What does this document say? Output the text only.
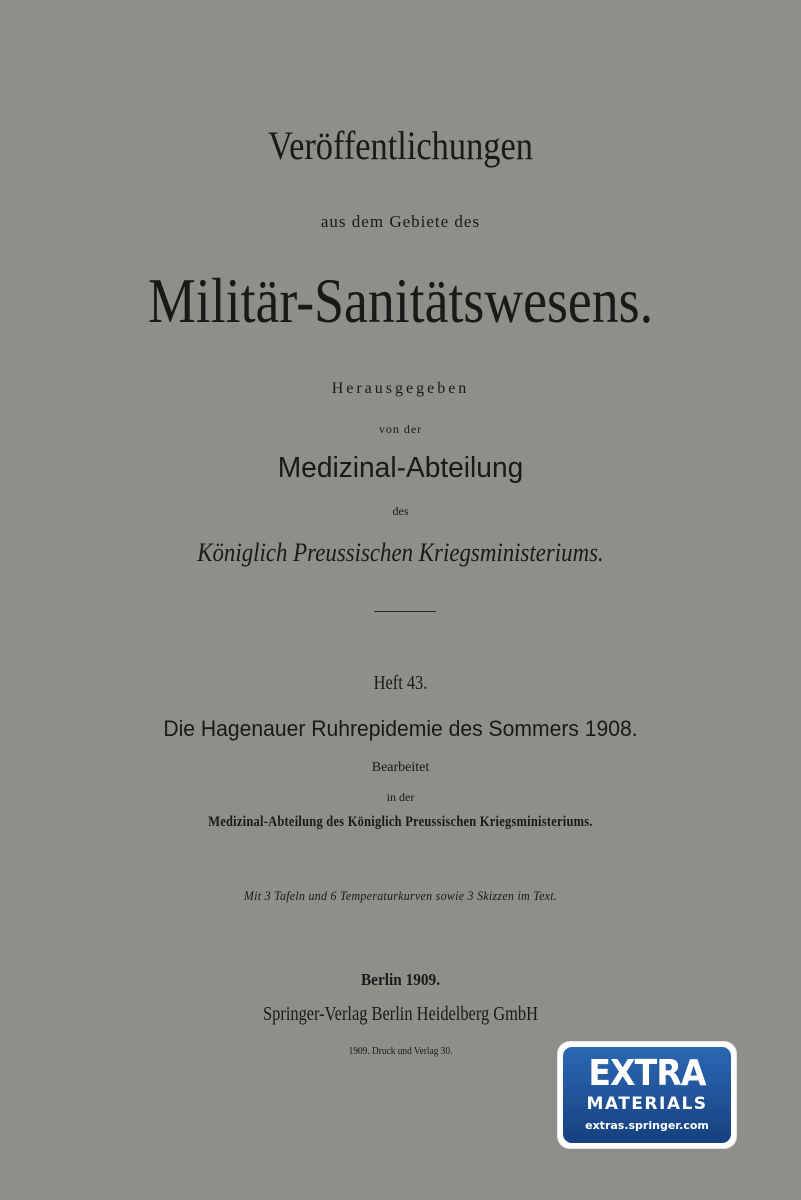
Veröffentlichungen
aus dem Gebiete des
Militär-Sanitätswesens.
Herausgegeben
von der
Medizinal-Abteilung
des
Königlich Preussischen Kriegsministeriums.
Heft 43.
Die Hagenauer Ruhrepidemie des Sommers 1908.
Bearbeitet
in der
Medizinal-Abteilung des Königlich Preussischen Kriegsministeriums.
Mit 3 Tafeln und 6 Temperaturkurven sowie 3 Skizzen im Text.
Berlin 1909.
Springer-Verlag Berlin Heidelberg GmbH
1909. Druck und Verlag 30.
EXTRA
MATERIALS
extras.springer.com
